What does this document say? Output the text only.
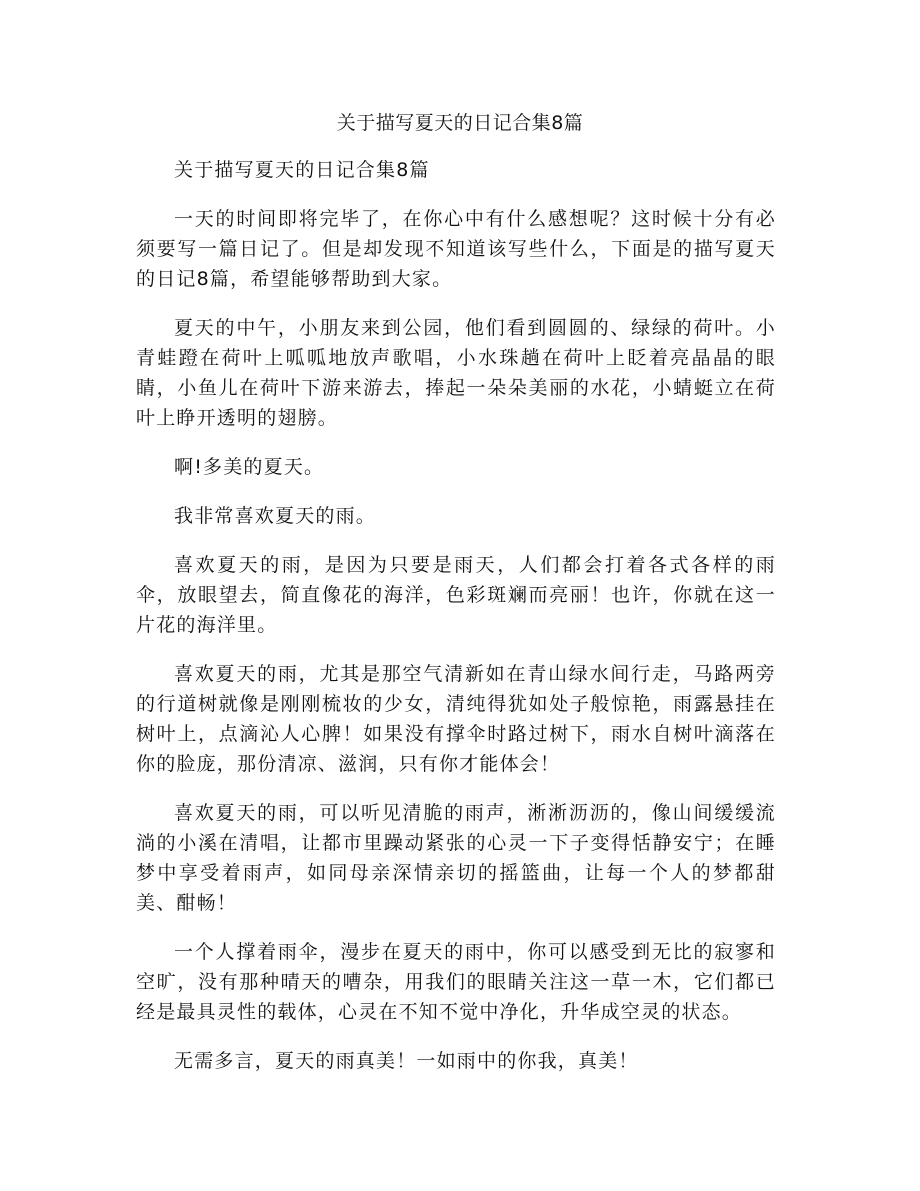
关于描写夏天的日记合集8篇

关于描写夏天的日记合集8篇

一天的时间即将完毕了，在你心中有什么感想呢？这时候十分有必须要写一篇日记了。但是却发现不知道该写些什么，下面是的描写夏天的日记8篇，希望能够帮助到大家。

夏天的中午，小朋友来到公园，他们看到圆圆的、绿绿的荷叶。小青蛙蹬在荷叶上呱呱地放声歌唱，小水珠趟在荷叶上眨着亮晶晶的眼睛，小鱼儿在荷叶下游来游去，捧起一朵朵美丽的水花，小蜻蜓立在荷叶上睁开透明的翅膀。

啊!多美的夏天。

我非常喜欢夏天的雨。

喜欢夏天的雨，是因为只要是雨天，人们都会打着各式各样的雨伞，放眼望去，简直像花的海洋，色彩斑斓而亮丽！也许，你就在这一片花的海洋里。

喜欢夏天的雨，尤其是那空气清新如在青山绿水间行走，马路两旁的行道树就像是刚刚梳妆的少女，清纯得犹如处子般惊艳，雨露悬挂在树叶上，点滴沁人心脾！如果没有撑伞时路过树下，雨水自树叶滴落在你的脸庞，那份清凉、滋润，只有你才能体会！

喜欢夏天的雨，可以听见清脆的雨声，淅淅沥沥的，像山间缓缓流淌的小溪在清唱，让都市里躁动紧张的心灵一下子变得恬静安宁；在睡梦中享受着雨声，如同母亲深情亲切的摇篮曲，让每一个人的梦都甜美、酣畅！

一个人撑着雨伞，漫步在夏天的雨中，你可以感受到无比的寂寥和空旷，没有那种晴天的嘈杂，用我们的眼睛关注这一草一木，它们都已经是最具灵性的载体，心灵在不知不觉中净化，升华成空灵的状态。

无需多言，夏天的雨真美！一如雨中的你我，真美！
